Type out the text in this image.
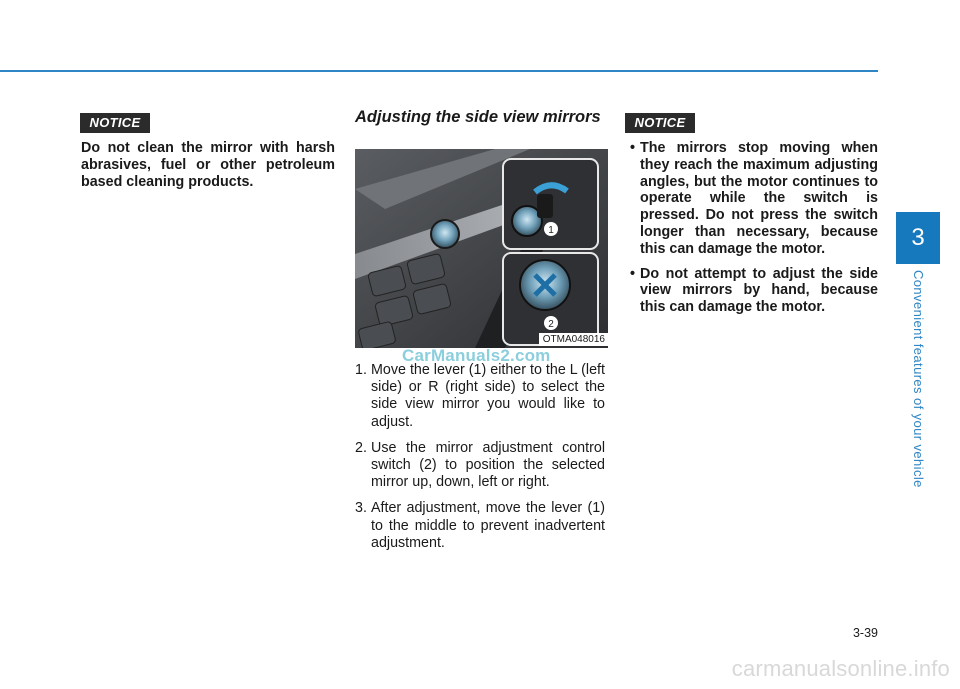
NOTICE
Do not clean the mirror with harsh abrasives, fuel or other petroleum based cleaning products.
Adjusting the side view mirrors
1
2
OTMA048016
CarManuals2.com
1. Move the lever (1) either to the L (left side) or R (right side) to select the side view mirror you would like to adjust.
2. Use the mirror adjustment control switch (2) to position the selected mirror up, down, left or right.
3. After adjustment, move the lever (1) to the middle to prevent inadvertent adjustment.
NOTICE
• The mirrors stop moving when they reach the maximum adjusting angles, but the motor continues to operate while the switch is pressed. Do not press the switch longer than necessary, because this can damage the motor.
• Do not attempt to adjust the side view mirrors by hand, because this can damage the motor.
3
Convenient features of your vehicle
3-39
carmanualsonline.info
